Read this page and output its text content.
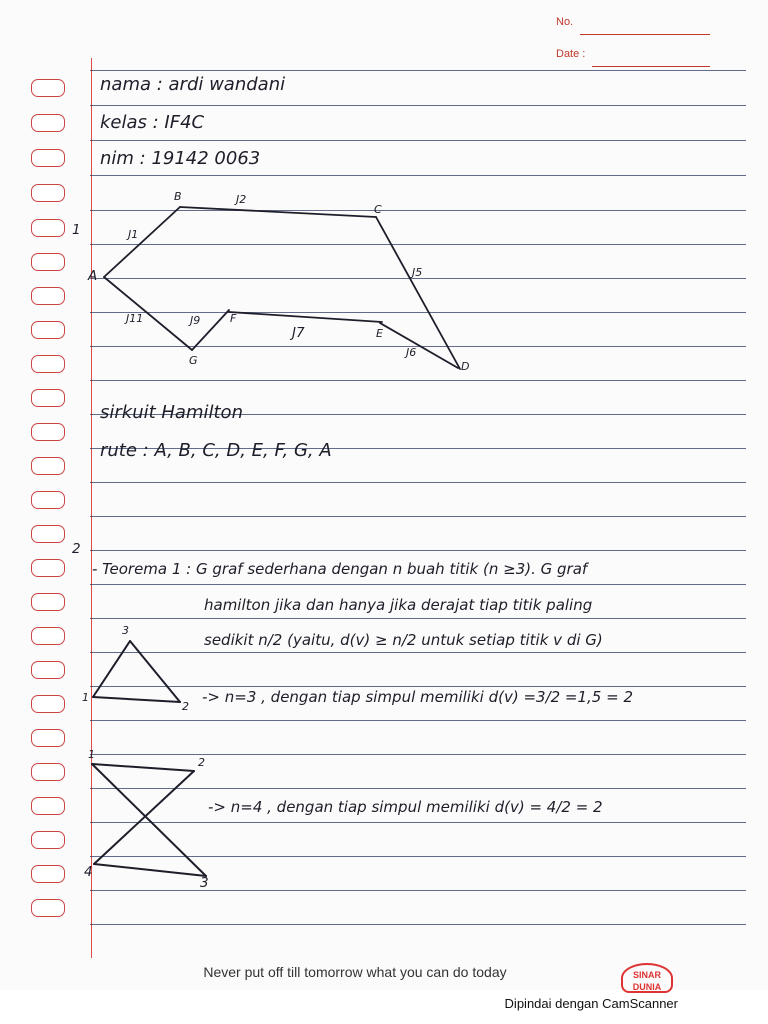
No.
Date :
nama : ardi wandani
kelas : IF4C
nim : 19142 0063
1
A
B
C
D
E
F
G
J1
J2
J5
J6
J7
J9
J11
sirkuit Hamilton
rute : A, B, C, D, E, F, G, A
2
- Teorema 1 : G graf sederhana dengan n buah titik (n ≥3). G graf
hamilton jika dan hanya jika derajat tiap titik paling
sedikit n/2 (yaitu, d(v) ≥ n/2 untuk setiap titik v di G)
3
1
2
-> n=3 , dengan tiap simpul memiliki d(v) =3/2 =1,5 = 2
1
2
3
4
-> n=4 , dengan tiap simpul memiliki d(v) = 4/2 = 2
Never put off till tomorrow what you can do today	SINAR DUNIA
Dipindai dengan CamScanner
